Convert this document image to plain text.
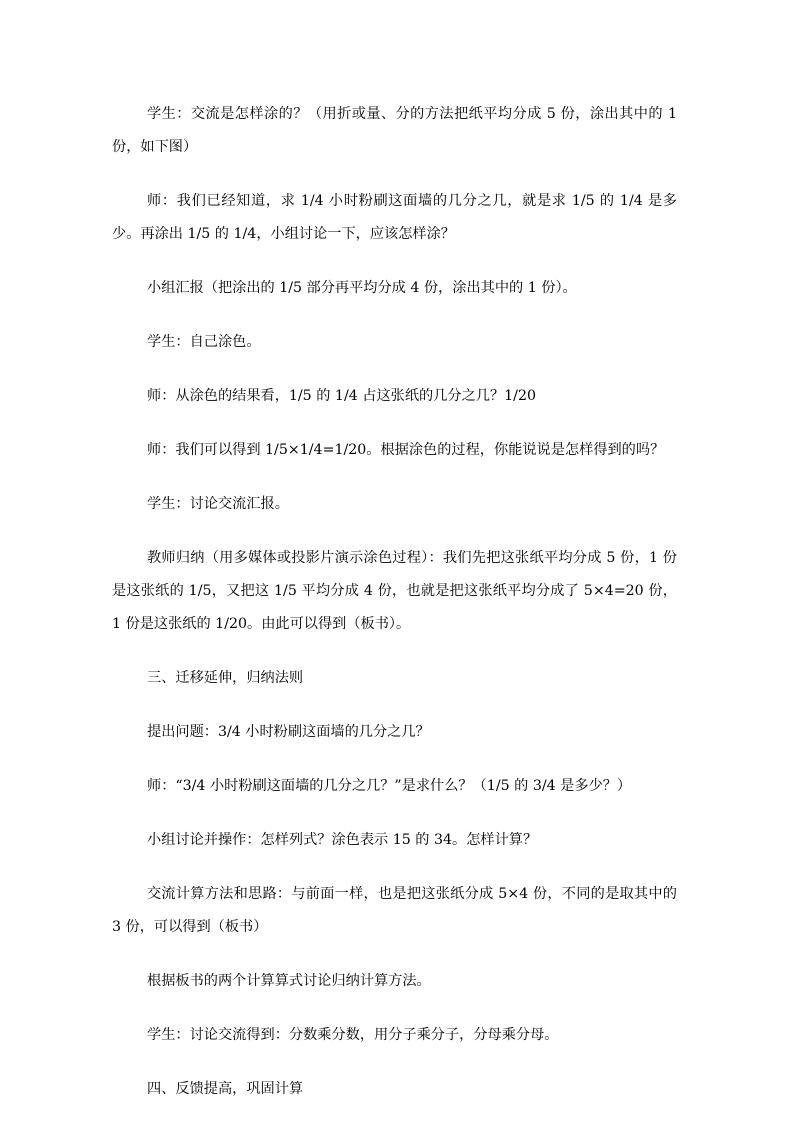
学生：交流是怎样涂的？（用折或量、分的方法把纸平均分成 5 份，涂出其中的 1 份，如下图）

师：我们已经知道，求 1/4 小时粉刷这面墙的几分之几，就是求 1/5 的 1/4 是多少。再涂出 1/5 的 1/4，小组讨论一下，应该怎样涂？

小组汇报（把涂出的 1/5 部分再平均分成 4 份，涂出其中的 1 份）。

学生：自己涂色。

师：从涂色的结果看，1/5 的 1/4 占这张纸的几分之几？1/20

师：我们可以得到 1/5×1/4=1/20。根据涂色的过程，你能说说是怎样得到的吗？

学生：讨论交流汇报。

教师归纳（用多媒体或投影片演示涂色过程）：我们先把这张纸平均分成 5 份，1 份是这张纸的 1/5，又把这 1/5 平均分成 4 份，也就是把这张纸平均分成了 5×4=20 份，1 份是这张纸的 1/20。由此可以得到（板书）。

三、迁移延伸，归纳法则

提出问题：3/4 小时粉刷这面墙的几分之几？

师：“3/4 小时粉刷这面墙的几分之几？”是求什么？（1/5 的 3/4 是多少？）

小组讨论并操作：怎样列式？涂色表示 15 的 34。怎样计算？

交流计算方法和思路：与前面一样，也是把这张纸分成 5×4 份，不同的是取其中的 3 份，可以得到（板书）

根据板书的两个计算算式讨论归纳计算方法。

学生：讨论交流得到：分数乘分数，用分子乘分子，分母乘分母。

四、反馈提高，巩固计算
